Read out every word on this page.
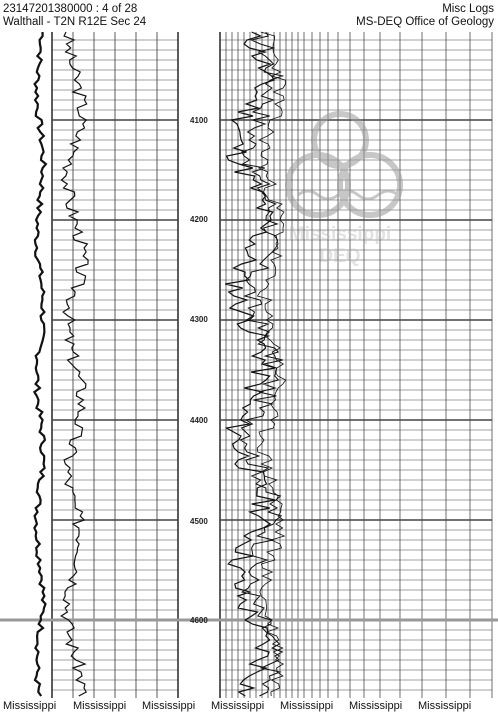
23147201380000 : 4 of 28
Walthall - T2N R12E Sec 24
Misc Logs
MS-DEQ Office of Geology
4100
4200
4300
4400
4500
4600
Mississippi
DEQ
Mississippi Mississippi Mississippi Mississippi Mississippi Mississippi Mississippi
